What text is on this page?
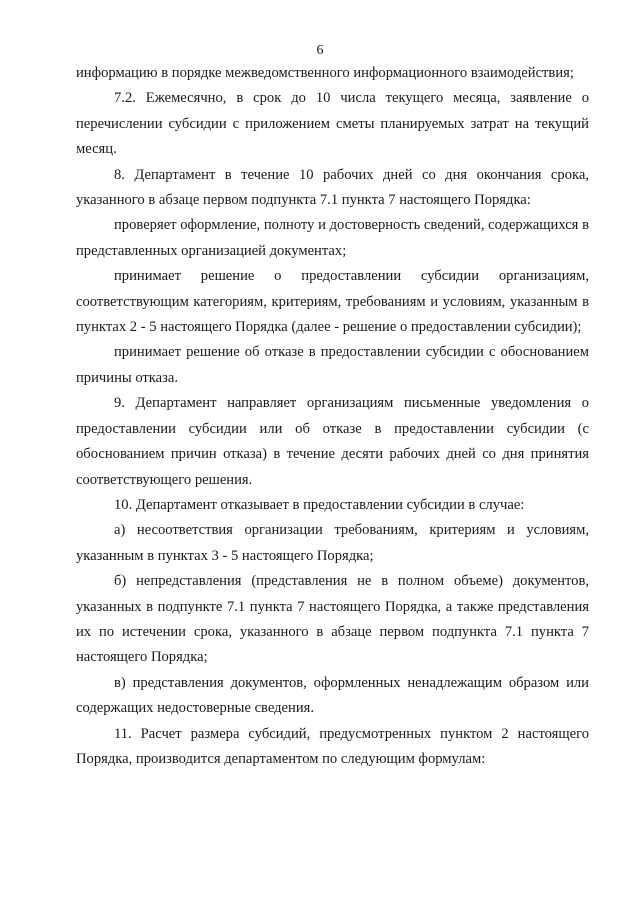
6

информацию в порядке межведомственного информационного взаимодействия;

7.2. Ежемесячно, в срок до 10 числа текущего месяца, заявление о перечислении субсидии с приложением сметы планируемых затрат на текущий месяц.

8. Департамент в течение 10 рабочих дней со дня окончания срока, указанного в абзаце первом подпункта 7.1 пункта 7 настоящего Порядка:

проверяет оформление, полноту и достоверность сведений, содержащихся в представленных организацией документах;

принимает решение о предоставлении субсидии организациям, соответствующим категориям, критериям, требованиям и условиям, указанным в пунктах 2 - 5 настоящего Порядка (далее - решение о предоставлении субсидии);

принимает решение об отказе в предоставлении субсидии с обоснованием причины отказа.

9. Департамент направляет организациям письменные уведомления о предоставлении субсидии или об отказе в предоставлении субсидии (с обоснованием причин отказа) в течение десяти рабочих дней со дня принятия соответствующего решения.

10. Департамент отказывает в предоставлении субсидии в случае:

а) несоответствия организации требованиям, критериям и условиям, указанным в пунктах 3 - 5 настоящего Порядка;

б) непредставления (представления не в полном объеме) документов, указанных в подпункте 7.1 пункта 7 настоящего Порядка, а также представления их по истечении срока, указанного в абзаце первом подпункта 7.1 пункта 7 настоящего Порядка;

в) представления документов, оформленных ненадлежащим образом или содержащих недостоверные сведения.

11. Расчет размера субсидий, предусмотренных пунктом 2 настоящего Порядка, производится департаментом по следующим формулам:
